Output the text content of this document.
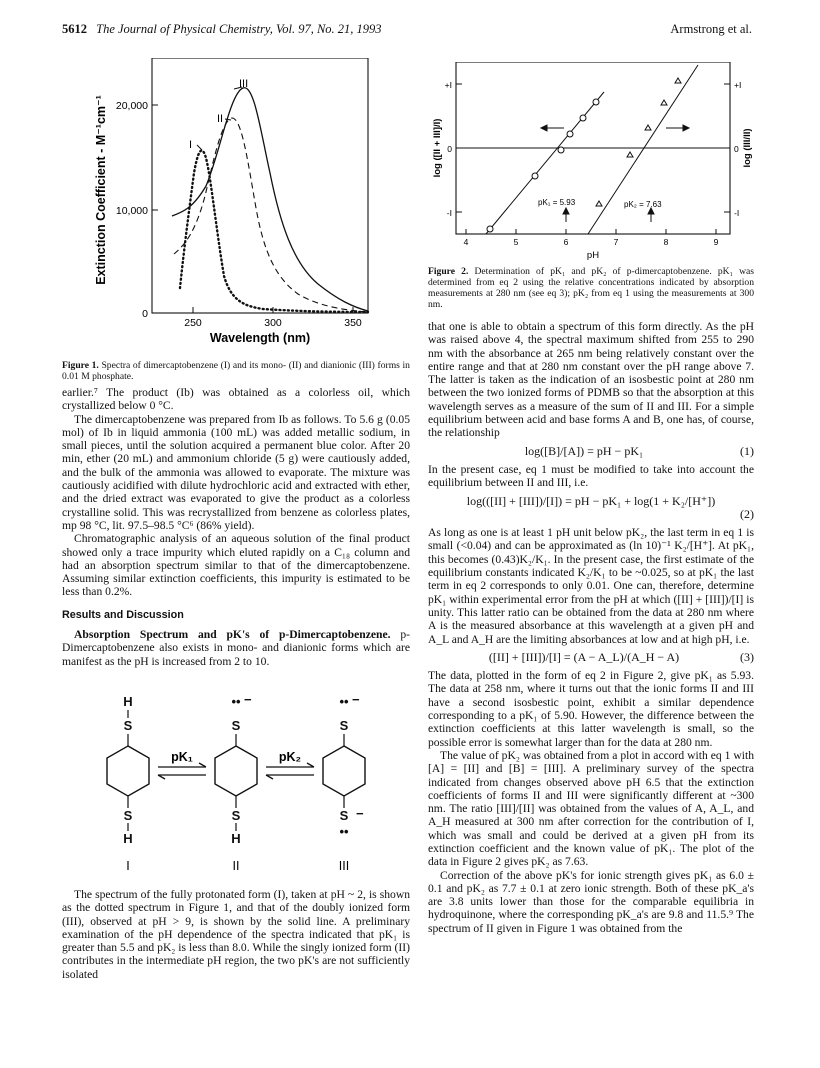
5612 The Journal of Physical Chemistry, Vol. 97, No. 21, 1993	Armstrong et al.
20,000
10,000
0
250	300	350
Wavelength (nm)
Extinction Coefficient - M⁻¹cm⁻¹
III
II
I
Figure 1. Spectra of dimercaptobenzene (I) and its mono- (II) and dianionic (III) forms in 0.01 M phosphate.

earlier.⁷ The product (Ib) was obtained as a colorless oil, which crystallized below 0 °C.

The dimercaptobenzene was prepared from Ib as follows. To 5.6 g (0.05 mol) of Ib in liquid ammonia (100 mL) was added metallic sodium, in small pieces, until the solution acquired a permanent blue color. After 20 min, ether (20 mL) and ammonium chloride (5 g) were cautiously added, and the bulk of the ammonia was allowed to evaporate. The mixture was cautiously acidified with dilute hydrochloric acid and extracted with ether, and the dried extract was evaporated to give the product as a colorless crystalline solid. This was recrystallized from benzene as colorless plates, mp 98 °C, lit. 97.5–98.5 °C⁶ (86% yield).

Chromatographic analysis of an aqueous solution of the final product showed only a trace impurity which eluted rapidly on a C₁₈ column and had an absorption spectrum similar to that of the dimercaptobenzene. Assuming similar extinction coefficients, this impurity is estimated to be less than 0.2%.

Results and Discussion

Absorption Spectrum and pK's of p-Dimercaptobenzene. p-Dimercaptobenzene also exists in mono- and dianionic forms which are manifest as the pH is increased from 2 to 10.

H
S
S
H
•• −
S
S
H
•• −
S
S −
••
pK₁	pK₂
I	II	III

The spectrum of the fully protonated form (I), taken at pH ~ 2, is shown as the dotted spectrum in Figure 1, and that of the doubly ionized form (III), observed at pH > 9, is shown by the solid line. A preliminary examination of the pH dependence of the spectra indicated that pK₁ is greater than 5.5 and pK₂ is less than 8.0. While the singly ionized form (II) contributes in the intermediate pH region, the two pK's are not sufficiently isolated

+I
0
-I
+I
0
-I
4	5	6	7	8	9
pH
log ([II + III]/I)	log (III/II)
pK₁ = 5.93	pK₂ = 7.63
Figure 2. Determination of pK₁ and pK₂ of p-dimercaptobenzene. pK₁ was determined from eq 2 using the relative concentrations indicated by absorption measurements at 280 nm (see eq 3); pK₂ from eq 1 using the measurements at 300 nm.

that one is able to obtain a spectrum of this form directly. As the pH was raised above 4, the spectral maximum shifted from 255 to 290 nm with the absorbance at 265 nm being relatively constant over the entire range and that at 280 nm constant over the pH range above 7. The latter is taken as the indication of an isosbestic point at 280 nm between the two ionized forms of PDMB so that the absorption at this wavelength serves as a measure of the sum of II and III. For a simple equilibrium between acid and base forms A and B, one has, of course, the relationship

log([B]/[A]) = pH − pK₁	(1)

In the present case, eq 1 must be modified to take into account the equilibrium between II and III, i.e.

log(([II] + [III])/[I]) = pH − pK₁ + log(1 + K₂/[H⁺])
(2)

As long as one is at least 1 pH unit below pK₂, the last term in eq 1 is small (<0.04) and can be approximated as (ln 10)⁻¹ K₂/[H⁺]. At pK₁, this becomes (0.43)K₂/K₁. In the present case, the first estimate of the equilibrium constants indicated K₂/K₁ to be ~0.025, so at pK₁ the last term in eq 2 corresponds to only 0.01. One can, therefore, determine pK₁ within experimental error from the pH at which ([II] + [III])/[I] is unity. This latter ratio can be obtained from the data at 280 nm where A is the measured absorbance at this wavelength at a given pH and A_L and A_H are the limiting absorbances at low and at high pH, i.e.

([II] + [III])/[I] = (A − A_L)/(A_H − A)	(3)

The data, plotted in the form of eq 2 in Figure 2, give pK₁ as 5.93. The data at 258 nm, where it turns out that the ionic forms II and III have a second isosbestic point, exhibit a similar dependence corresponding to a pK₁ of 5.90. However, the difference between the extinction coefficients at this latter wavelength is small, so the possible error is somewhat larger than for the data at 280 nm.

The value of pK₂ was obtained from a plot in accord with eq 1 with [A] = [II] and [B] = [III]. A preliminary survey of the spectra indicated from changes observed above pH 6.5 that the extinction coefficients of forms II and III were significantly different at ~300 nm. The ratio [III]/[II] was obtained from the values of A, A_L, and A_H measured at 300 nm after correction for the contribution of I, which was small and could be derived at a given pH from its extinction coefficient and the known value of pK₁. The plot of the data in Figure 2 gives pK₂ as 7.63.

Correction of the above pK's for ionic strength gives pK₁ as 6.0 ± 0.1 and pK₂ as 7.7 ± 0.1 at zero ionic strength. Both of these pK_a's are 3.8 units lower than those for the comparable equilibria in hydroquinone, where the corresponding pK_a's are 9.8 and 11.5.⁹ The spectrum of II given in Figure 1 was obtained from the
